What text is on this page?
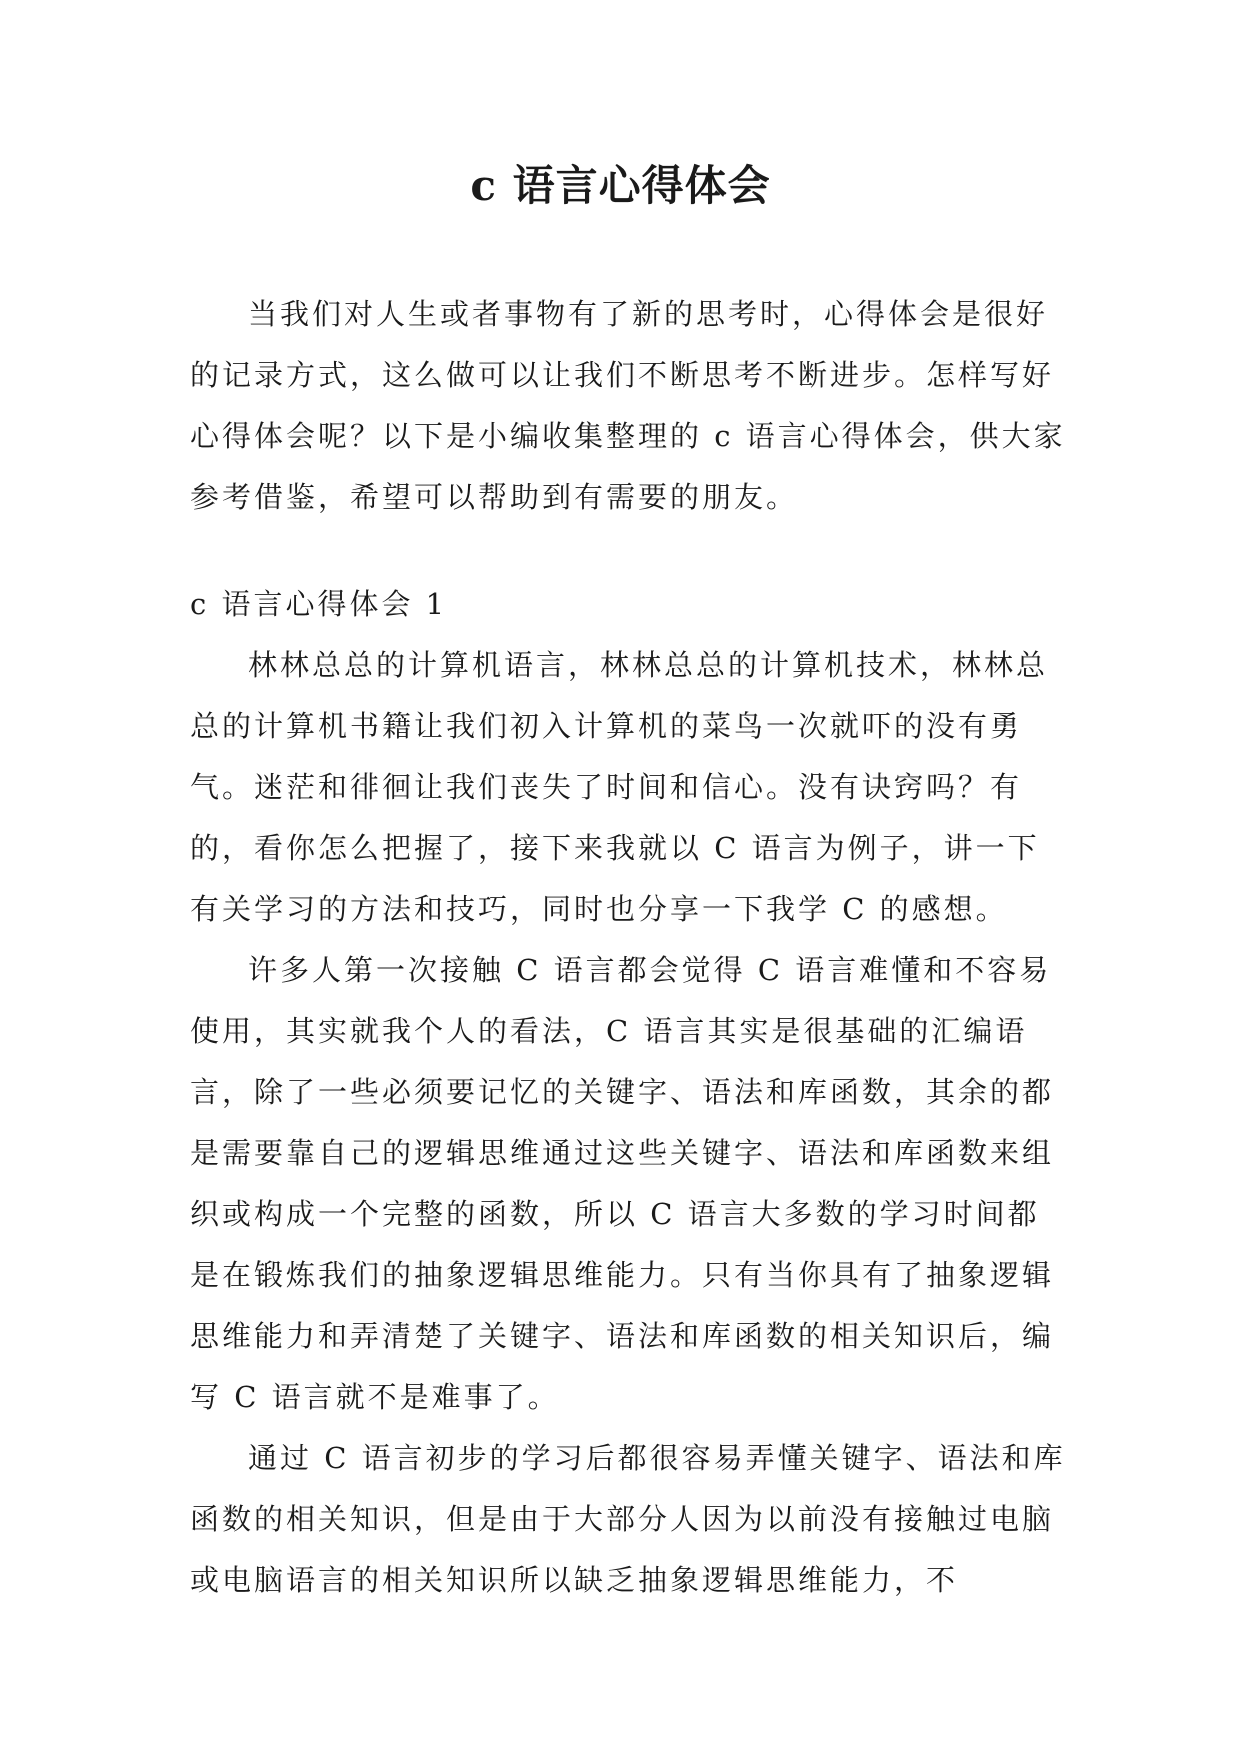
c 语言心得体会

当我们对人生或者事物有了新的思考时，心得体会是很好的记录方式，这么做可以让我们不断思考不断进步。怎样写好心得体会呢？以下是小编收集整理的 c 语言心得体会，供大家参考借鉴，希望可以帮助到有需要的朋友。

c 语言心得体会 1

林林总总的计算机语言，林林总总的计算机技术，林林总总的计算机书籍让我们初入计算机的菜鸟一次就吓的没有勇气。迷茫和徘徊让我们丧失了时间和信心。没有诀窍吗？有的，看你怎么把握了，接下来我就以 C 语言为例子，讲一下有关学习的方法和技巧，同时也分享一下我学 C 的感想。

许多人第一次接触 C 语言都会觉得 C 语言难懂和不容易使用，其实就我个人的看法，C 语言其实是很基础的汇编语言，除了一些必须要记忆的关键字、语法和库函数，其余的都是需要靠自己的逻辑思维通过这些关键字、语法和库函数来组织或构成一个完整的函数，所以 C 语言大多数的学习时间都是在锻炼我们的抽象逻辑思维能力。只有当你具有了抽象逻辑思维能力和弄清楚了关键字、语法和库函数的相关知识后，编写 C 语言就不是难事了。

通过 C 语言初步的学习后都很容易弄懂关键字、语法和库函数的相关知识，但是由于大部分人因为以前没有接触过电脑或电脑语言的相关知识所以缺乏抽象逻辑思维能力，不
